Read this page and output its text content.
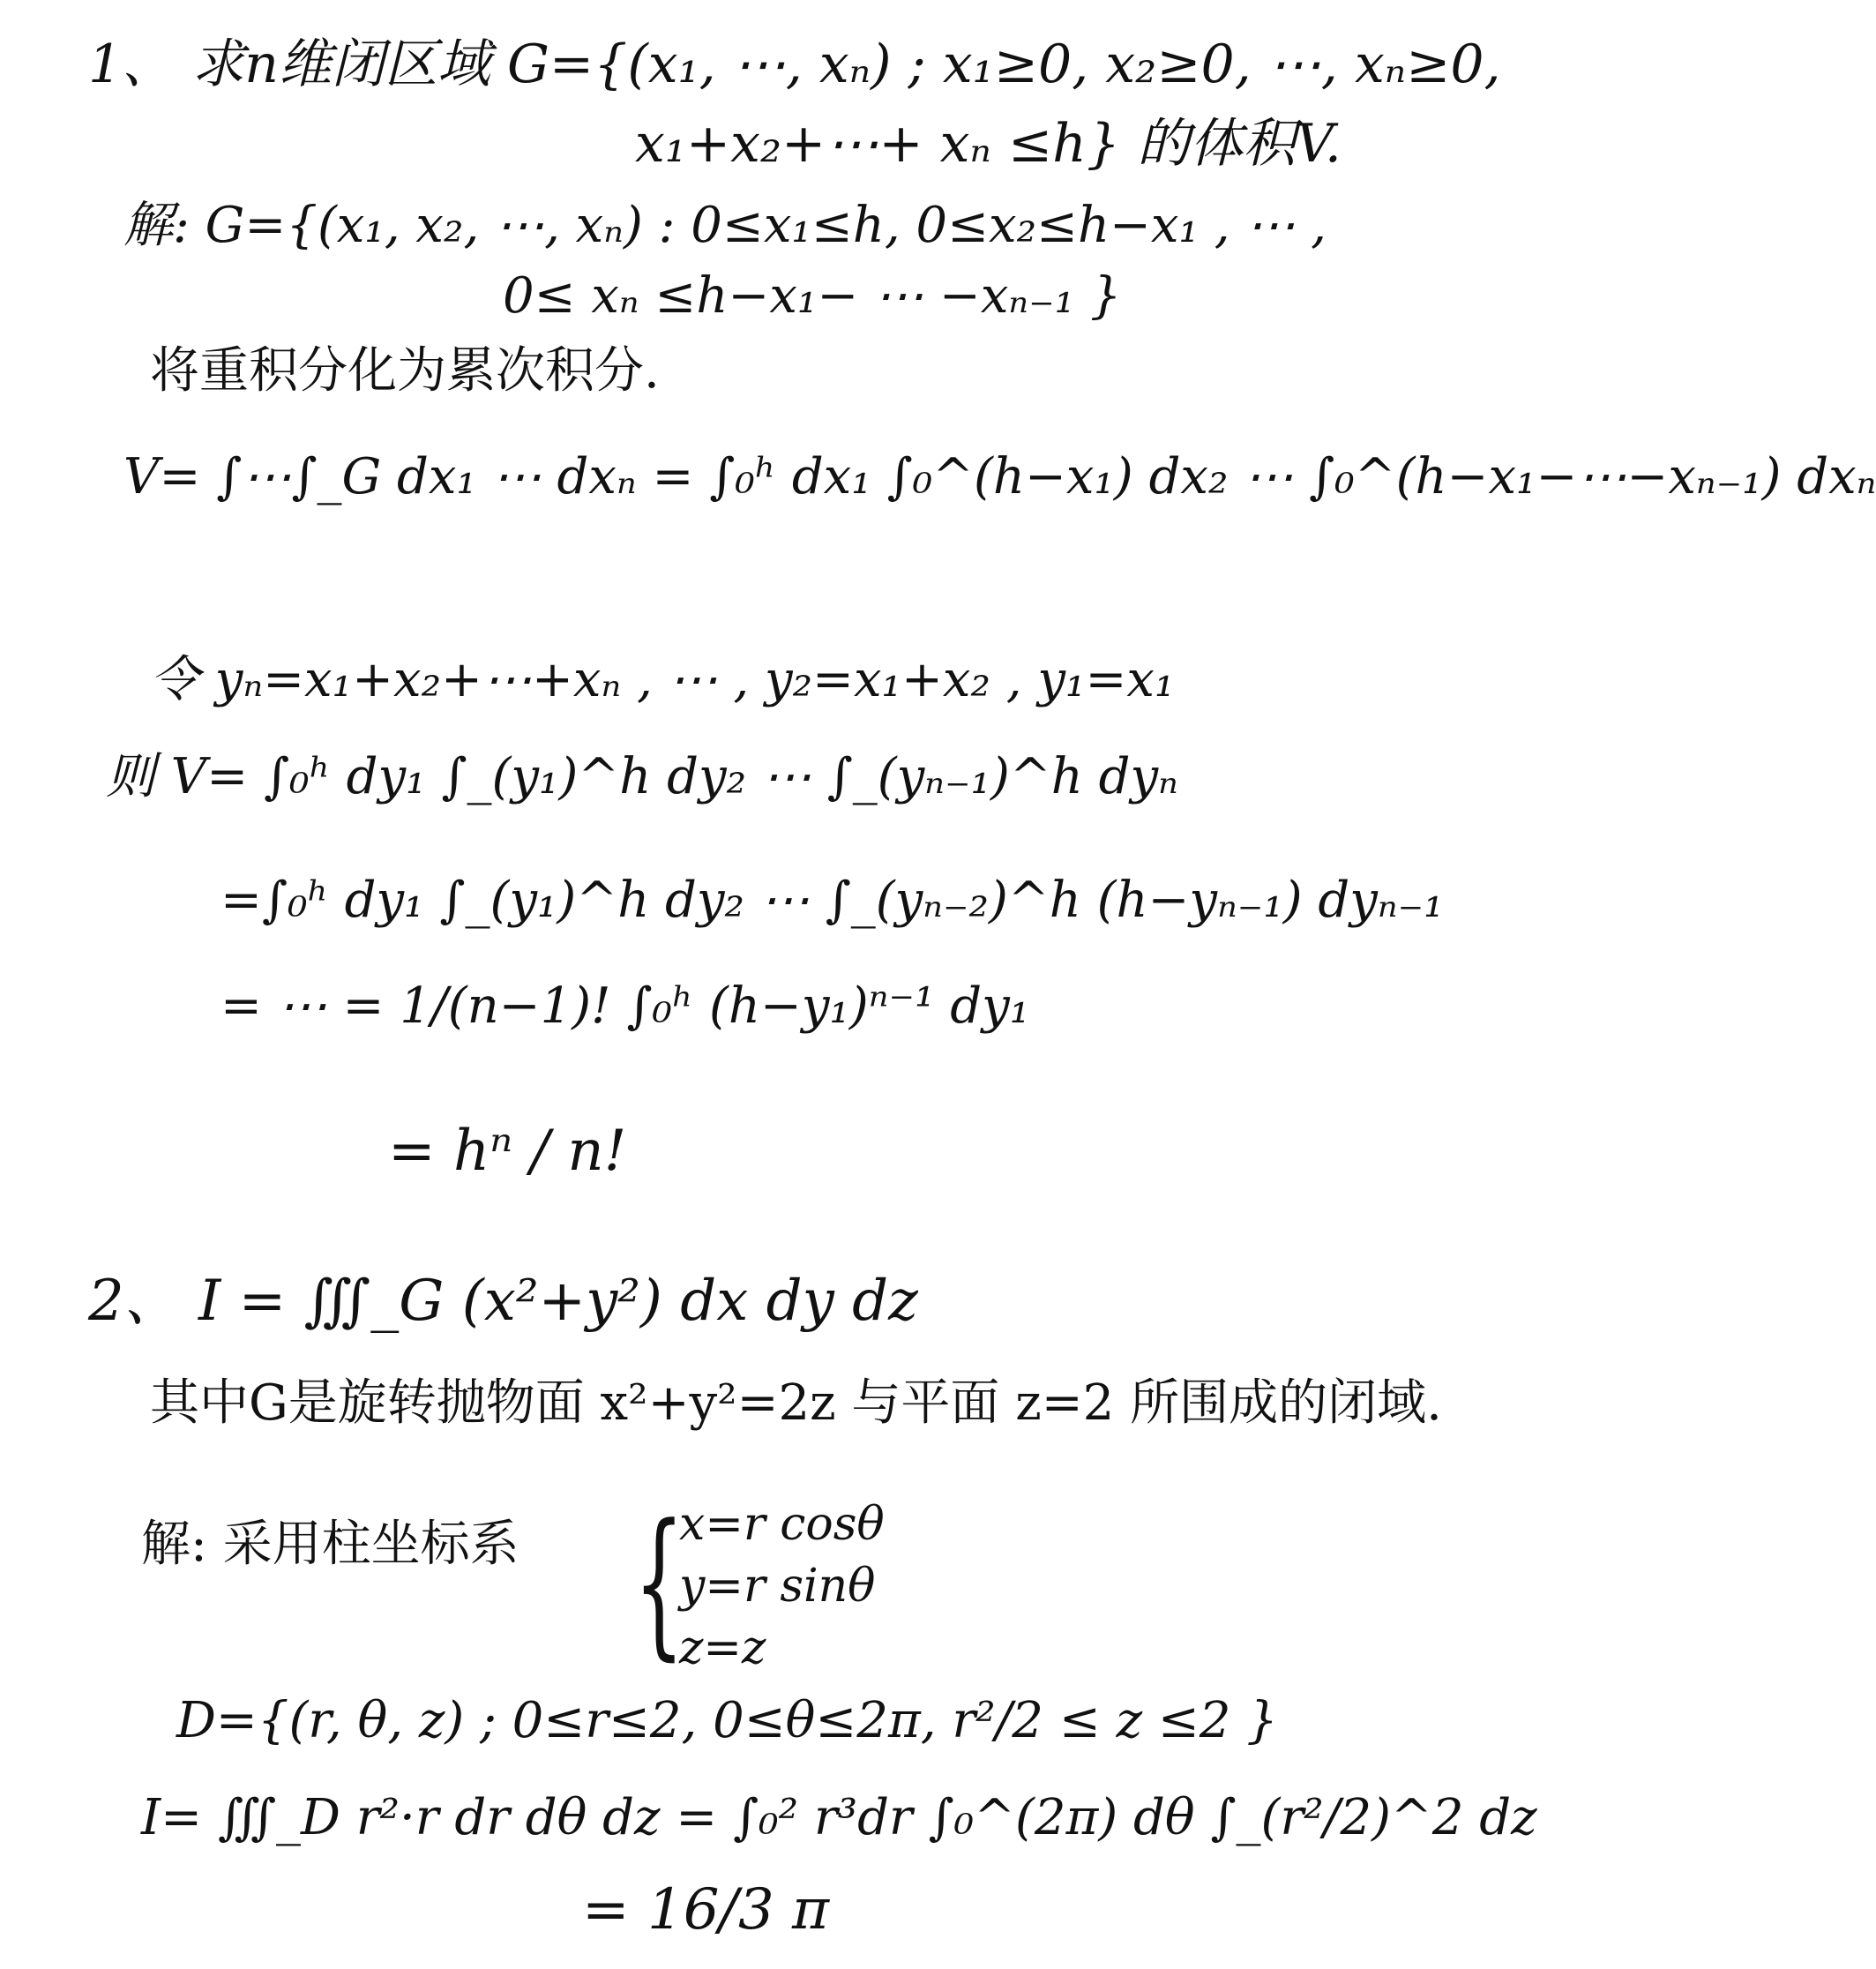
1、 求n维闭区域 G={(x₁, ⋯, xₙ) ; x₁≥0, x₂≥0, ⋯, xₙ≥0,
x₁+x₂+⋯+ xₙ ≤h} 的体积V.
解: G={(x₁, x₂, ⋯, xₙ) : 0≤x₁≤h, 0≤x₂≤h−x₁ , ⋯ ,
0≤ xₙ ≤h−x₁− ⋯ −xₙ₋₁ }
将重积分化为累次积分.
V= ∫⋯∫_G dx₁ ⋯ dxₙ = ∫₀ʰ dx₁ ∫₀^(h−x₁) dx₂ ⋯ ∫₀^(h−x₁−⋯−xₙ₋₁) dxₙ
令 yₙ=x₁+x₂+⋯+xₙ , ⋯ , y₂=x₁+x₂ , y₁=x₁
则 V= ∫₀ʰ dy₁ ∫_(y₁)^h dy₂ ⋯ ∫_(yₙ₋₁)^h dyₙ
=∫₀ʰ dy₁ ∫_(y₁)^h dy₂ ⋯ ∫_(yₙ₋₂)^h (h−yₙ₋₁) dyₙ₋₁
= ⋯ = 1/(n−1)! ∫₀ʰ (h−y₁)ⁿ⁻¹ dy₁
= hⁿ / n!
2、 I = ∭_G (x²+y²) dx dy dz
其中G是旋转抛物面 x²+y²=2z 与平面 z=2 所围成的闭域.
解: 采用柱坐标系 {
x=r cosθ
y=r sinθ
z=z
D={(r, θ, z) ; 0≤r≤2, 0≤θ≤2π, r²/2 ≤ z ≤2 }
I= ∭_D r²·r dr dθ dz = ∫₀² r³dr ∫₀^(2π) dθ ∫_(r²/2)^2 dz
= 16/3 π
